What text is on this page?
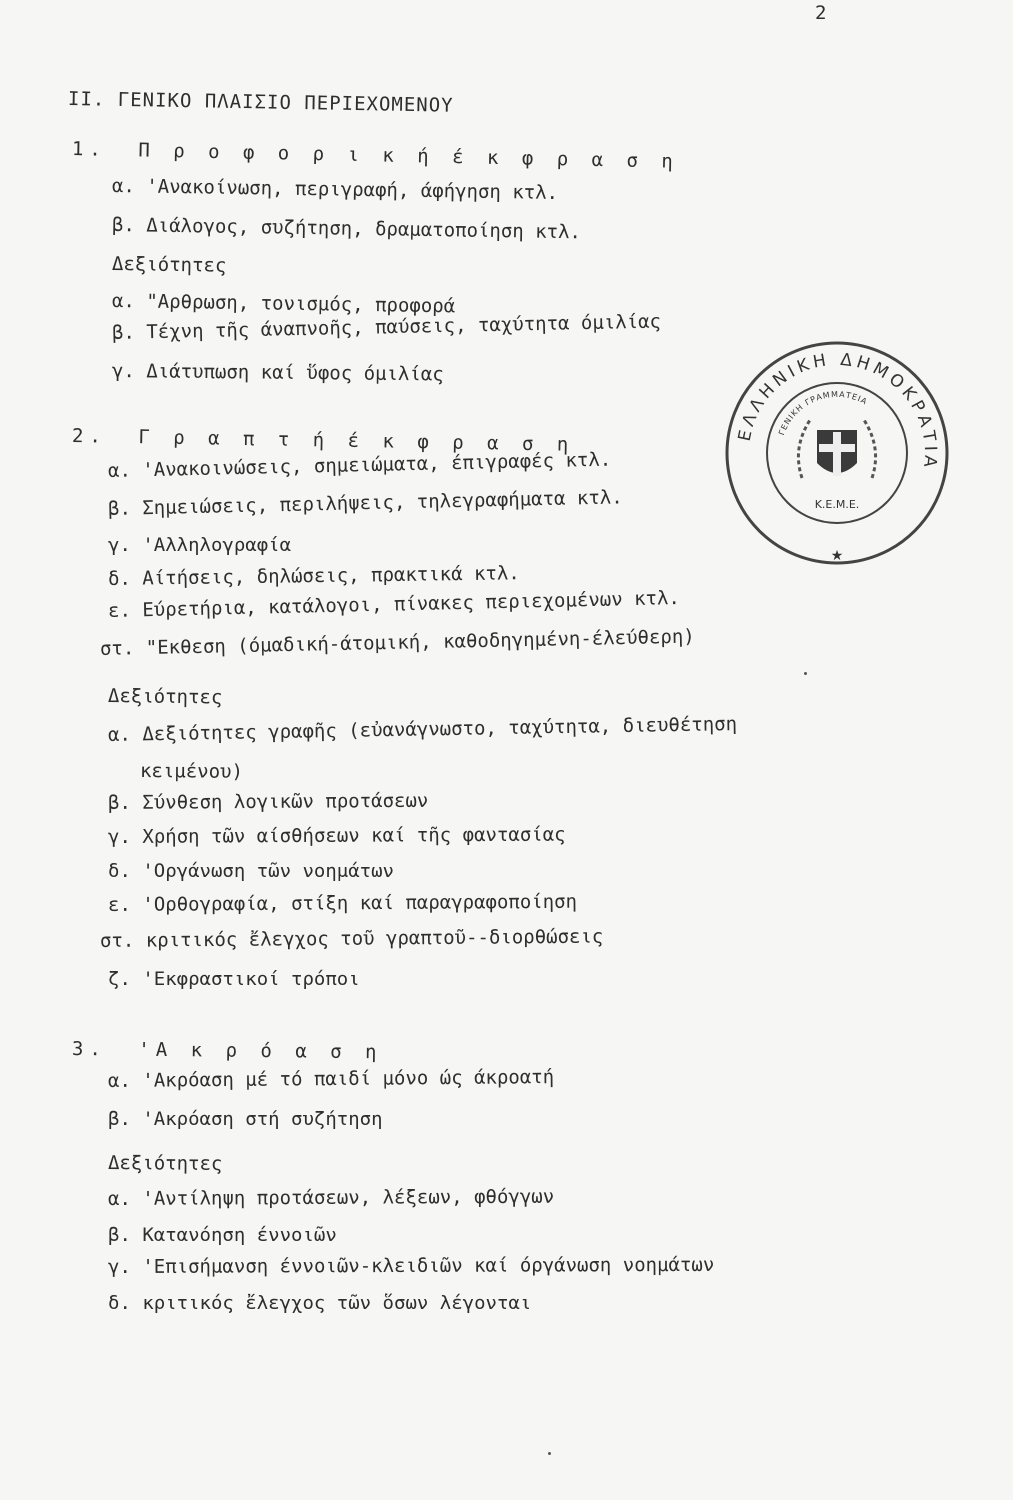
2
ΙΙ. ΓΕΝΙΚΟ ΠΛΑΙΣΙΟ ΠΕΡΙΕΧΟΜΕΝΟΥ
1. Π ρ ο φ ο ρ ι κ ή έ κ φ ρ α σ η
α. 'Ανακοίνωση, περιγραφή, άφήγηση κτλ.
β. Διάλογος, συζήτηση, δραματοποίηση κτλ.
Δεξιότητες
α. "Αρθρωση, τονισμός, προφορά
β. Τέχνη τῆς άναπνοῆς, παύσεις, ταχύτητα όμιλίας
γ. Διάτυπωση καί ὕφος όμιλίας
2. Γ ρ α π τ ή έ κ φ ρ α σ η
α. 'Ανακοινώσεις, σημειώματα, έπιγραφές κτλ.
β. Σημειώσεις, περιλήψεις, τηλεγραφήματα κτλ.
γ. 'Αλληλογραφία
δ. Αίτήσεις, δηλώσεις, πρακτικά κτλ.
ε. Εύρετήρια, κατάλογοι, πίνακες περιεχομένων κτλ.
στ. "Εκθεση (όμαδική-άτομική, καθοδηγημένη-έλεύθερη)
Δεξιότητες
α. Δεξιότητες γραφῆς (εὐανάγνωστο, ταχύτητα, διευθέτηση
κειμένου)
β. Σύνθεση λογικῶν προτάσεων
γ. Χρήση τῶν αίσθήσεων καί τῆς φαντασίας
δ. 'Οργάνωση τῶν νοημάτων
ε. 'Ορθογραφία, στίξη καί παραγραφοποίηση
στ. κριτικός ἔλεγχος τοῦ γραπτοῦ--διορθώσεις
ζ. 'Εκφραστικοί τρόποι
3. 'Α κ ρ ό α σ η
α. 'Ακρόαση μέ τό παιδί μόνο ώς άκροατή
β. 'Ακρόαση στή συζήτηση
Δεξιότητες
α. 'Αντίληψη προτάσεων, λέξεων, φθόγγων
β. Κατανόηση έννοιῶν
γ. 'Επισήμανση έννοιῶν-κλειδιῶν καί όργάνωση νοημάτων
δ. κριτικός ἔλεγχος τῶν ὅσων λέγονται
ΕΛΛΗΝΙΚΗ ΔΗΜΟΚΡΑΤΙΑ
ΓΕΝΙΚΗ ΓΡΑΜΜΑΤΕΙΑ
Κ.Ε.Μ.Ε.
★
